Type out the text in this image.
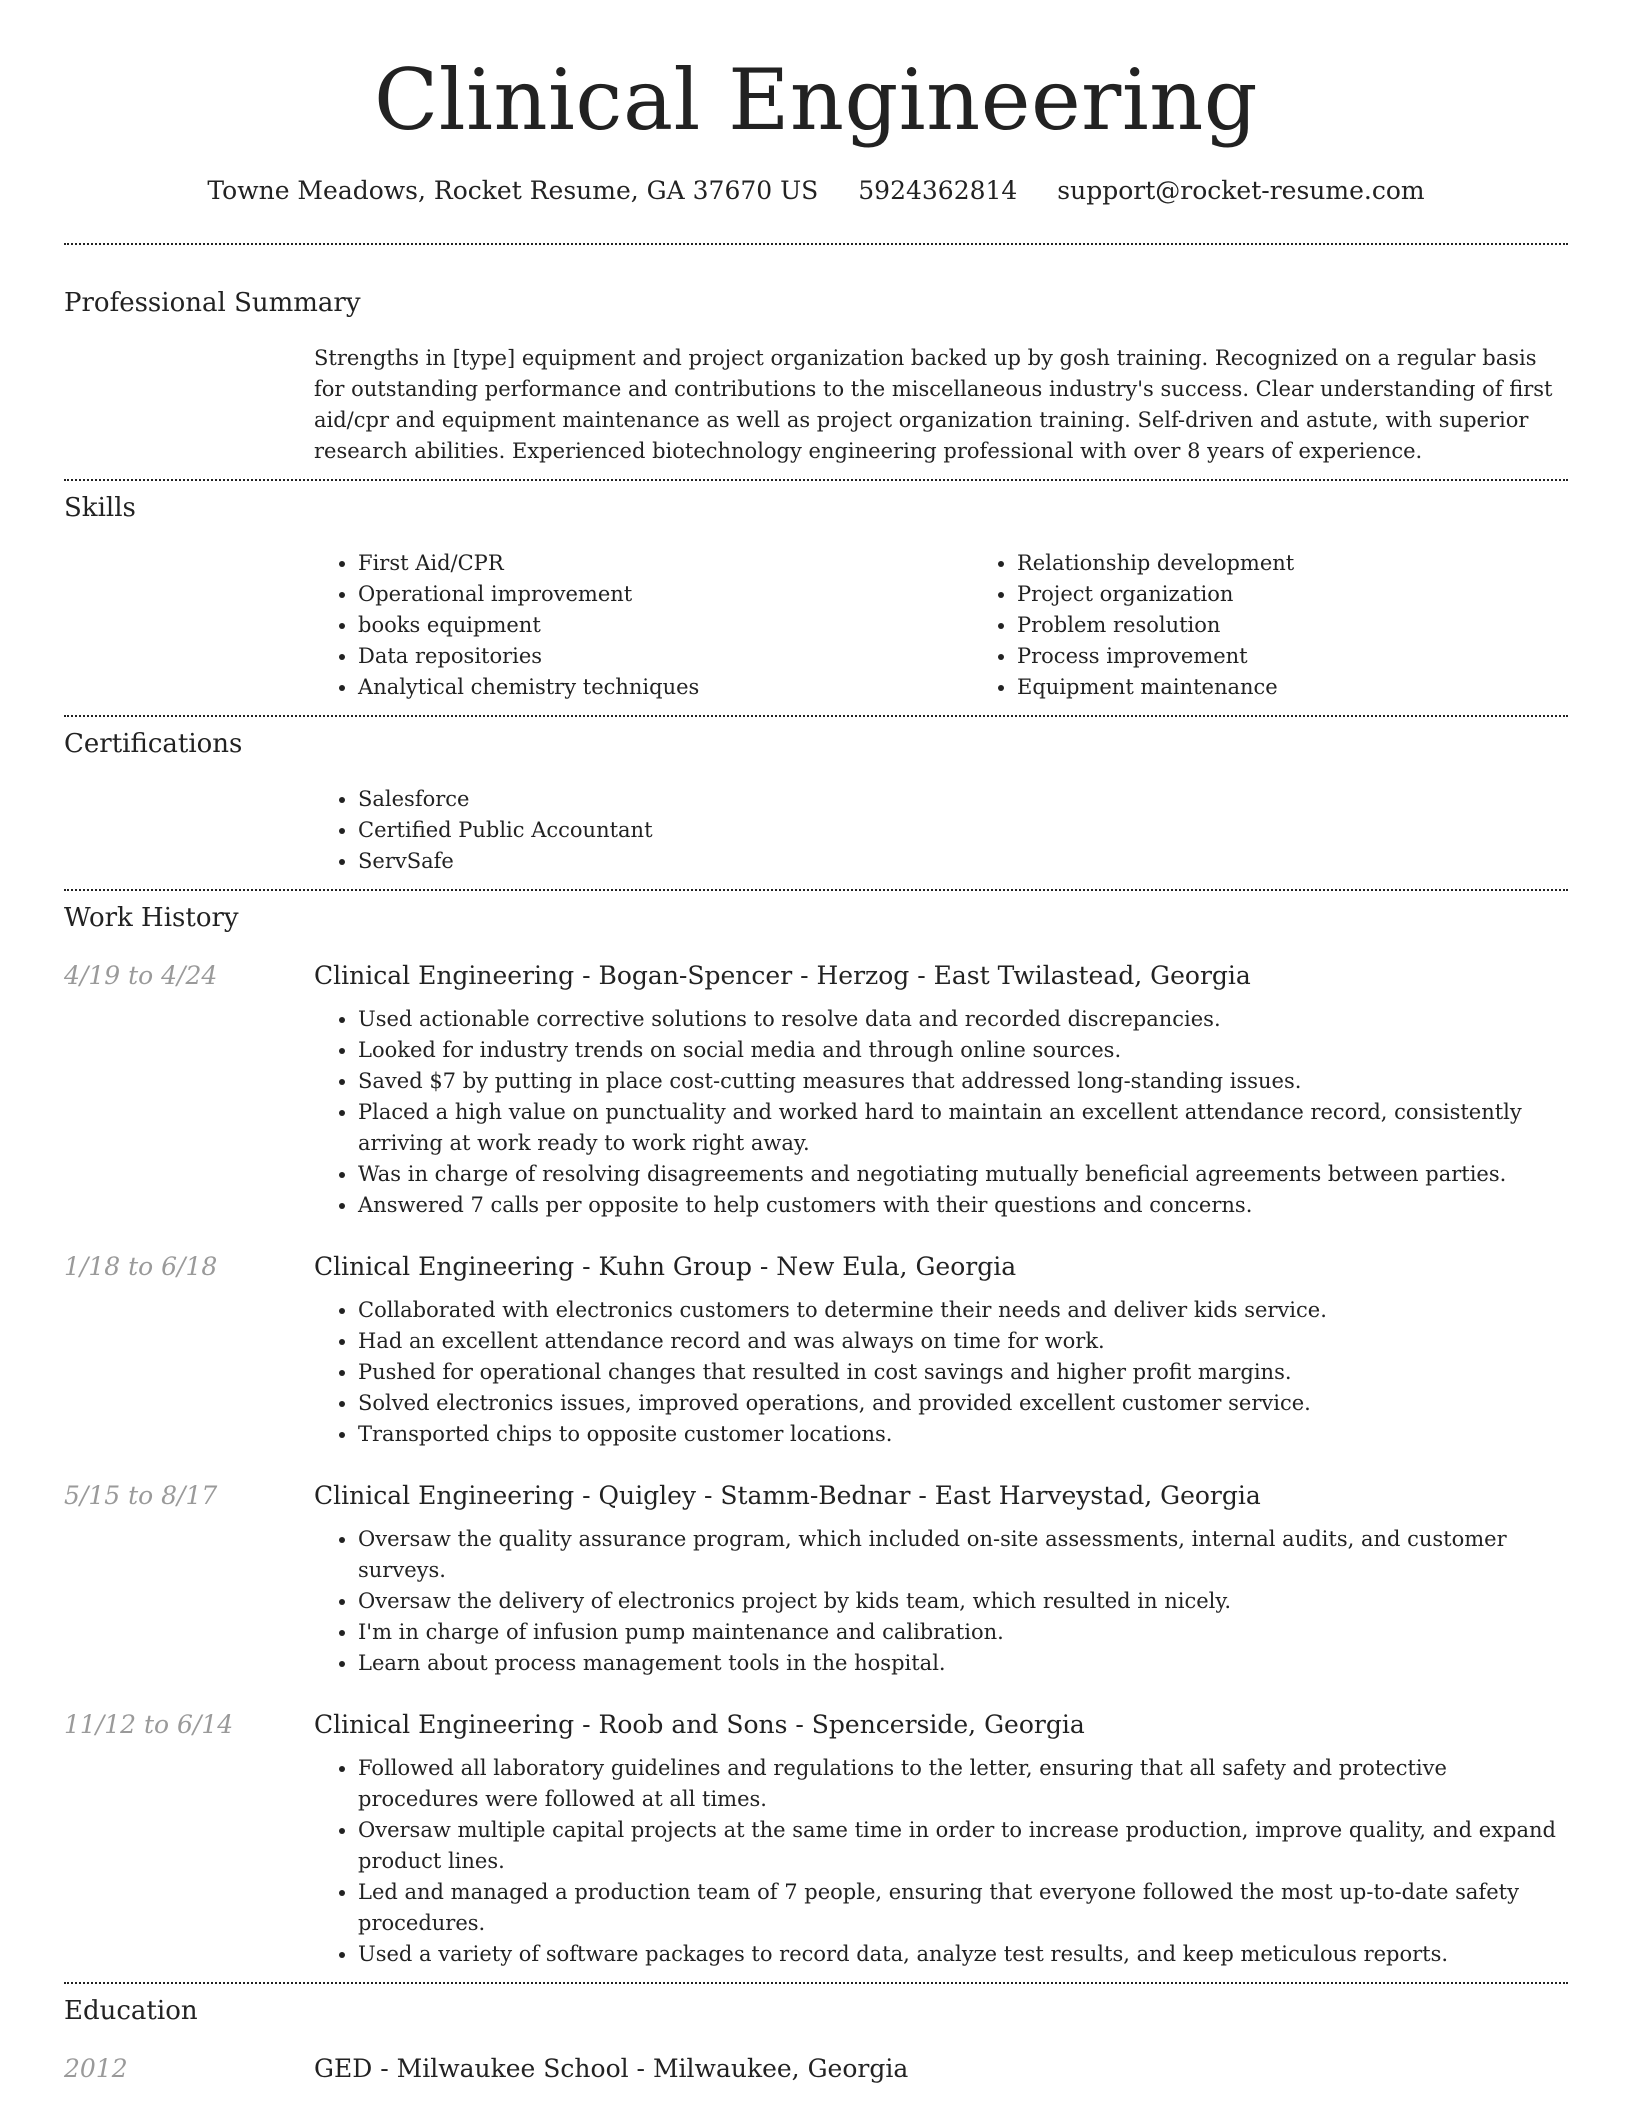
Clinical Engineering
Towne Meadows, Rocket Resume, GA 37670 US 5924362814 support@rocket-resume.com
Professional Summary

Strengths in [type] equipment and project organization backed up by gosh training. Recognized on a regular basis for outstanding performance and contributions to the miscellaneous industry's success. Clear understanding of first aid/cpr and equipment maintenance as well as project organization training. Self-driven and astute, with superior research abilities. Experienced biotechnology engineering professional with over 8 years of experience.

Skills
• First Aid/CPR
• Operational improvement
• books equipment
• Data repositories
• Analytical chemistry techniques
• Relationship development
• Project organization
• Problem resolution
• Process improvement
• Equipment maintenance
Certifications
• Salesforce
• Certified Public Accountant
• ServSafe
Work History
4/19 to 4/24	Clinical Engineering - Bogan-Spencer - Herzog - East Twilastead, Georgia
• Used actionable corrective solutions to resolve data and recorded discrepancies.
• Looked for industry trends on social media and through online sources.
• Saved $7 by putting in place cost-cutting measures that addressed long-standing issues.
• Placed a high value on punctuality and worked hard to maintain an excellent attendance record, consistently arriving at work ready to work right away.
• Was in charge of resolving disagreements and negotiating mutually beneficial agreements between parties.
• Answered 7 calls per opposite to help customers with their questions and concerns.
1/18 to 6/18	Clinical Engineering - Kuhn Group - New Eula, Georgia
• Collaborated with electronics customers to determine their needs and deliver kids service.
• Had an excellent attendance record and was always on time for work.
• Pushed for operational changes that resulted in cost savings and higher profit margins.
• Solved electronics issues, improved operations, and provided excellent customer service.
• Transported chips to opposite customer locations.
5/15 to 8/17	Clinical Engineering - Quigley - Stamm-Bednar - East Harveystad, Georgia
• Oversaw the quality assurance program, which included on-site assessments, internal audits, and customer surveys.
• Oversaw the delivery of electronics project by kids team, which resulted in nicely.
• I'm in charge of infusion pump maintenance and calibration.
• Learn about process management tools in the hospital.
11/12 to 6/14	Clinical Engineering - Roob and Sons - Spencerside, Georgia
• Followed all laboratory guidelines and regulations to the letter, ensuring that all safety and protective procedures were followed at all times.
• Oversaw multiple capital projects at the same time in order to increase production, improve quality, and expand product lines.
• Led and managed a production team of 7 people, ensuring that everyone followed the most up-to-date safety procedures.
• Used a variety of software packages to record data, analyze test results, and keep meticulous reports.
Education
2012	GED - Milwaukee School - Milwaukee, Georgia
